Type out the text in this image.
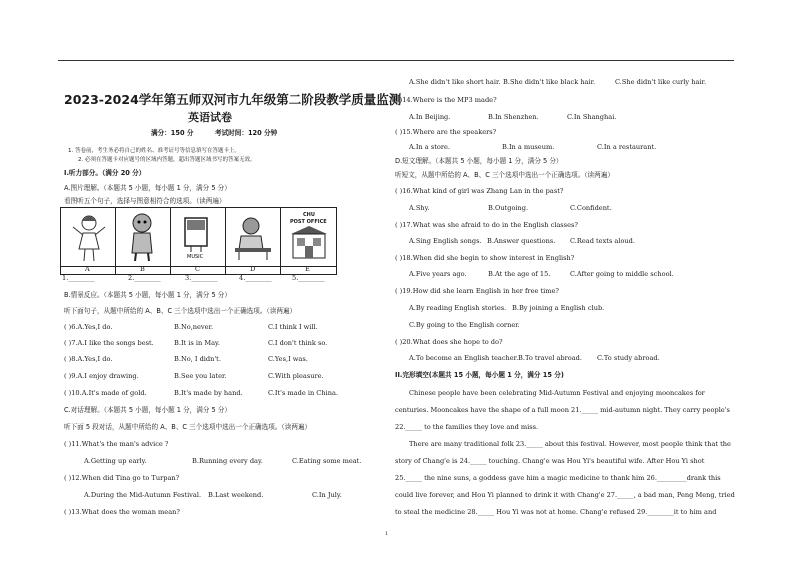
2023-2024学年第五师双河市九年级第二阶段教学质量监测
英语试卷
满分：150 分	考试时间：120 分钟
1. 答卷前，考生务必将自己的姓名、准考证号等信息填写在答题卡上。
2. 必须在答题卡对应题号的区域内答题，超出答题区域书写的答案无效。
I.听力部分。（满分 20 分）
A.图片理解。（本题共 5 小题，每小题 1 分，满分 5 分）
看图听五个句子，选择与图意相符合的选项。（读两遍）
MUSIC
CHU
POST OFFICE
A	B	C	D	E
1.________	2.________	3.________	4.________	5.________
B.情景反应。（本题共 5 小题，每小题 1 分，满分 5 分）
听下面句子，从题中所给的 A、B、C 三个选项中选出一个正确选项。（读两遍）
( )6.A.Yes,I do.	B.No,never.	C.I think I will.
( )7.A.I like the songs best.	B.It is in May.	C.I don't think so.
( )8.A.Yes,I do.	B.No, I didn't.	C.Yes,I was.
( )9.A.I enjoy drawing.	B.See you later.	C.With pleasure.
( )10.A.It's made of gold.	B.It's made by hand.	C.It's made in China.
C.对话理解。（本题共 5 小题，每小题 1 分，满分 5 分）
听下面 5 段对话，从题中所给的 A、B、C 三个选项中选出一个正确选项。（读两遍）
( )11.What's the man's advice ?
A.Getting up early.	B.Running every day.	C.Eating some meat.
( )12.When did Tina go to Turpan?
A.During the Mid-Autumn Festival. B.Last weekend.	C.In July.
( )13.What does the woman mean?
A.She didn't like short hair. B.She didn't like black hair.	C.She didn't like curly hair.
( )14.Where is the MP3 made?
A.In Beijing.	B.In Shenzhen.	C.In Shanghai.
( )15.Where are the speakers?
A.In a store.	B.In a museum.	C.In a restaurant.
D.短文理解。（本题共 5 小题，每小题 1 分，满分 5 分）
听短文，从题中所给的 A、B、C 三个选项中选出一个正确选项。（读两遍）
( )16.What kind of girl was Zhang Lan in the past?
A.Shy.	B.Outgoing.	C.Confident.
( )17.What was she afraid to do in the English classes?
A.Sing English songs. B.Answer questions. C.Read texts aloud.
( )18.When did she begin to show interest in English?
A.Five years ago.	B.At the age of 15.	C.After going to middle school.
( )19.How did she learn English in her free time?
A.By reading English stories. B.By joining a English club.
C.By going to the English corner.
( )20.What does she hope to do?
A.To become an English teacher. B.To travel abroad. C.To study abroad.
II.完形填空(本题共 15 小题，每小题 1 分，满分 15 分)
Chinese people have been celebrating Mid-Autumn Festival and enjoying mooncakes for
centuries. Mooncakes have the shape of a full moon 21._____ mid-autumn night. They carry people's
22._____ to the families they love and miss.
There are many traditional folk 23._____ about this festival. However, most people think that the
story of Chang'e is 24._____ touching. Chang'e was Hou Yi's beautiful wife. After Hou Yi shot
25._____ the nine suns, a goddess gave him a magic medicine to thank him 26._________drank this
could live forever, and Hou Yi planned to drink it with Chang'e 27._____, a bad man, Peng Meng, tried
to steal the medicine 28._____ Hou Yi was not at home. Chang'e refused 29.________it to him and
1
